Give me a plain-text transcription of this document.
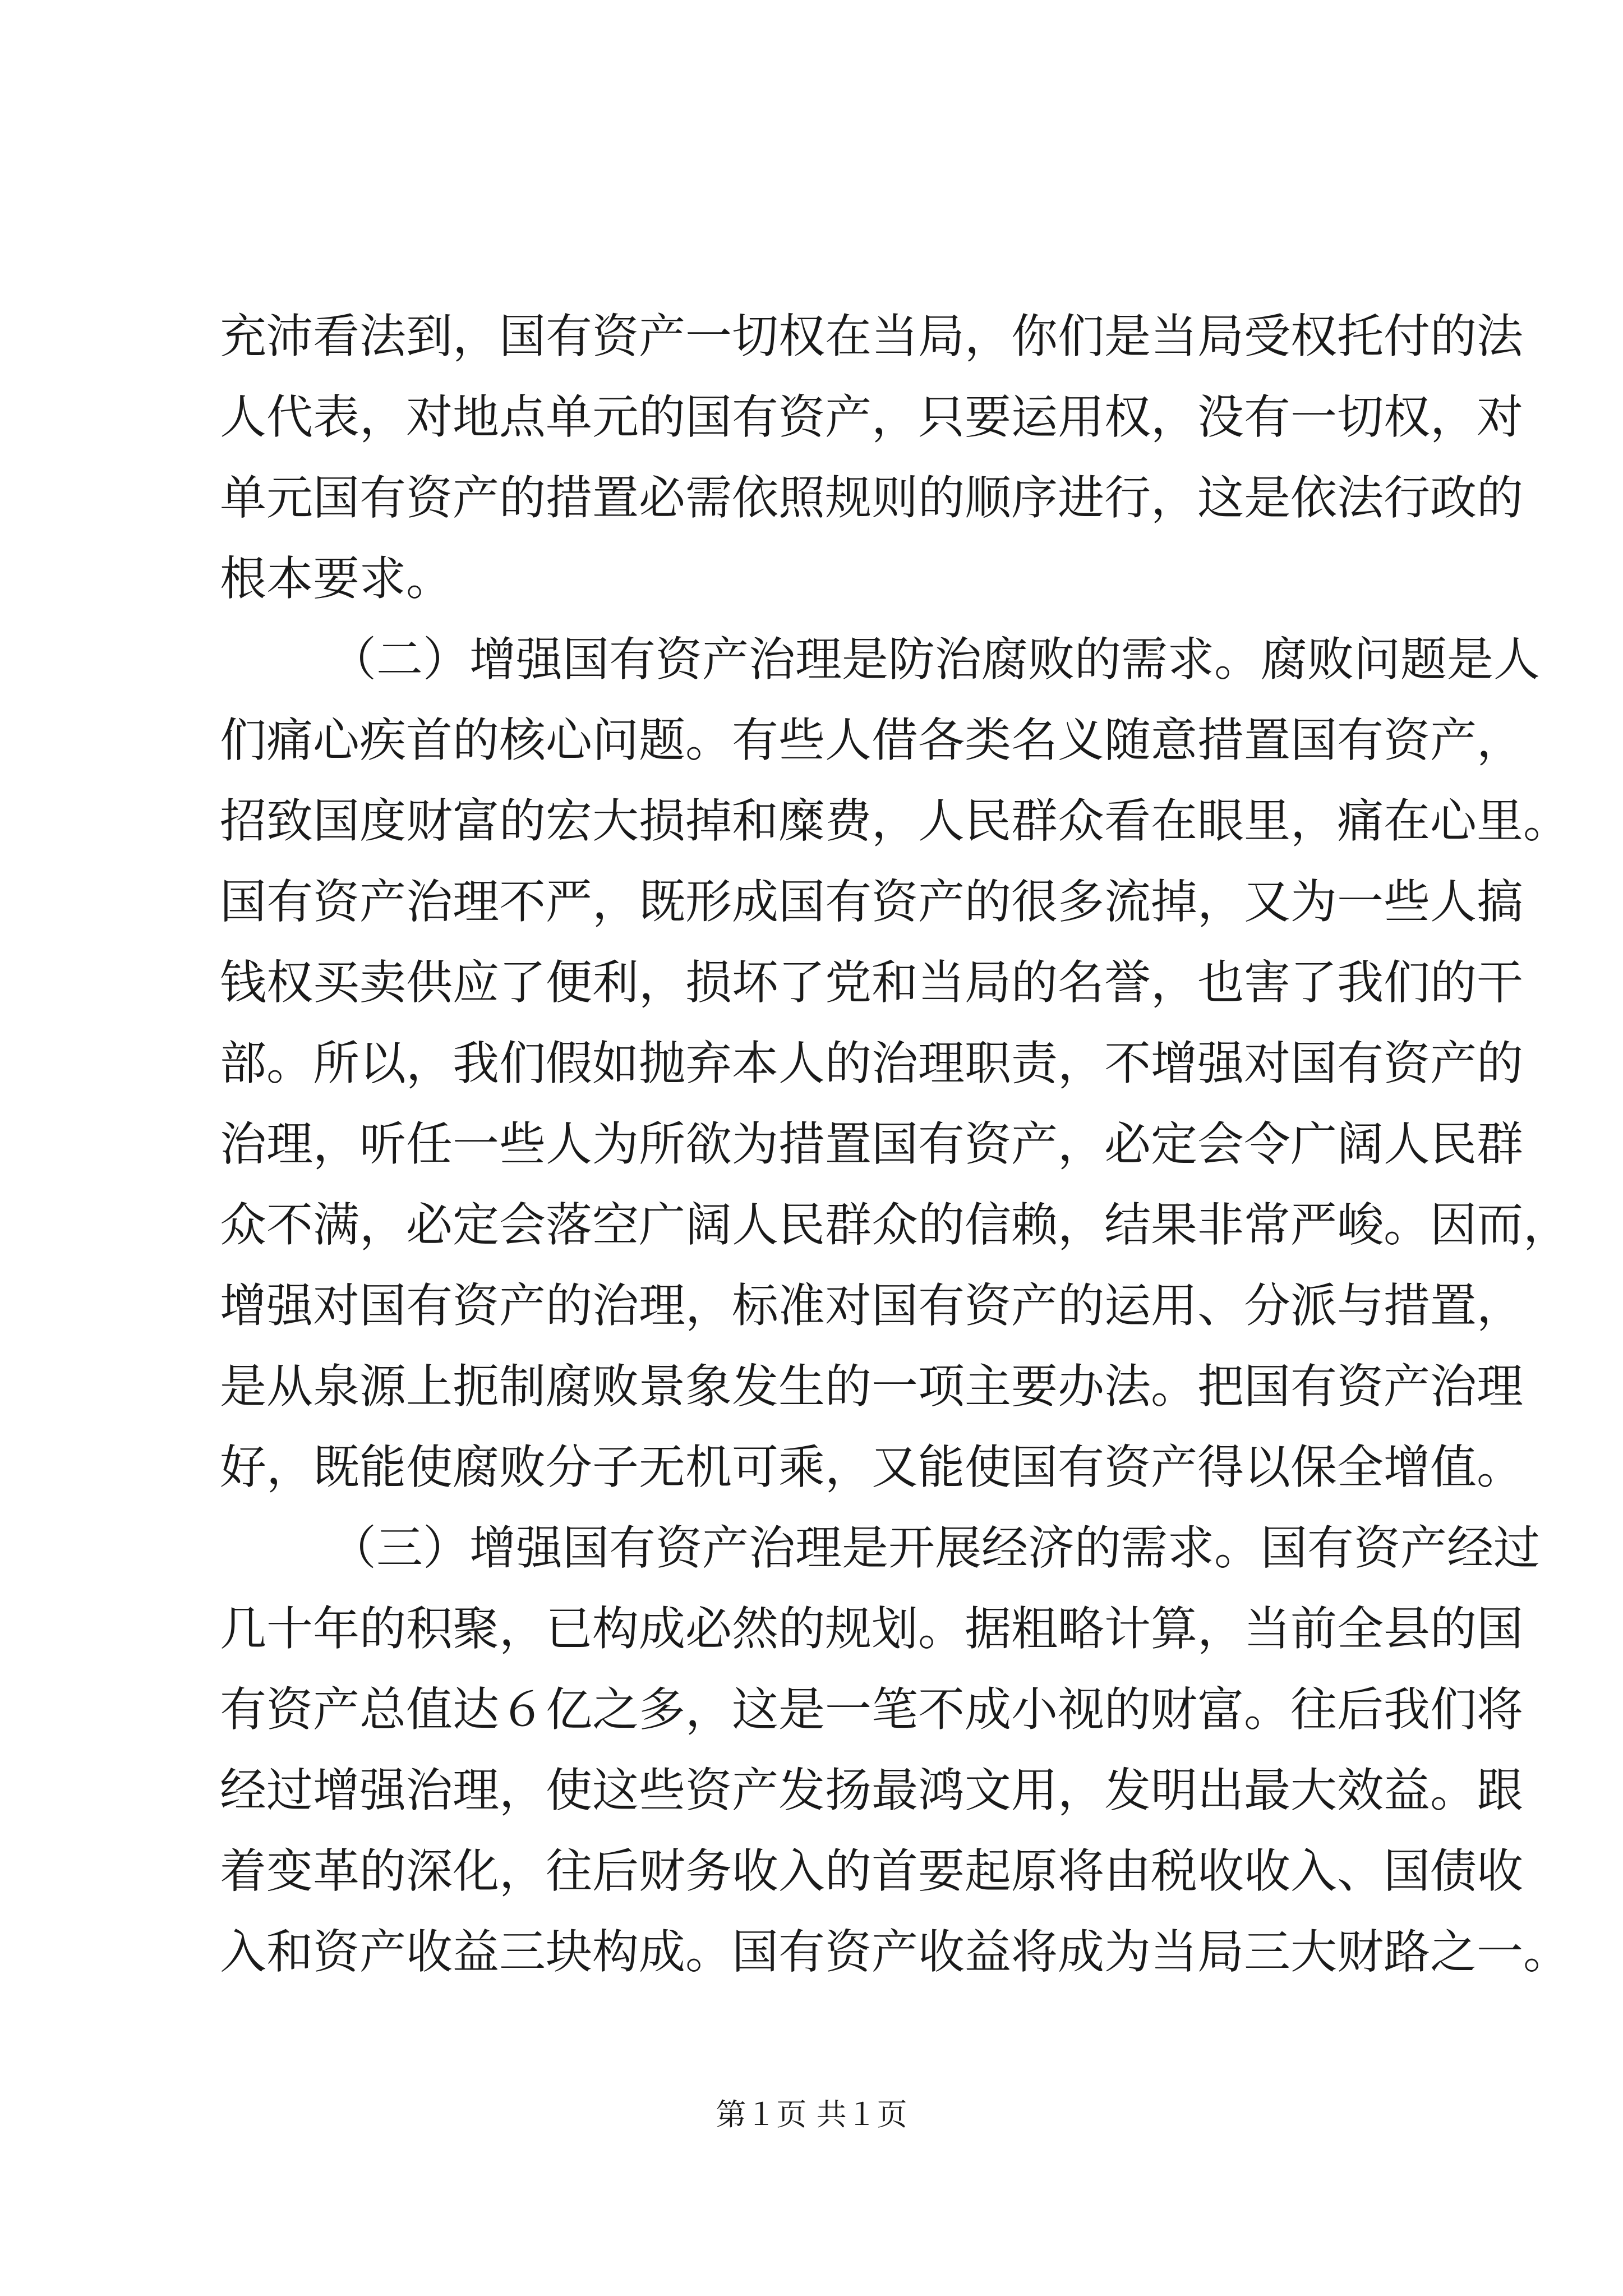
充沛看法到，国有资产一切权在当局，你们是当局受权托付的法
人代表，对地点单元的国有资产，只要运用权，没有一切权，对
单元国有资产的措置必需依照规则的顺序进行，这是依法行政的
根本要求。
（二）增强国有资产治理是防治腐败的需求。腐败问题是人
们痛心疾首的核心问题。有些人借各类名义随意措置国有资产，
招致国度财富的宏大损掉和糜费，人民群众看在眼里，痛在心里。
国有资产治理不严，既形成国有资产的很多流掉，又为一些人搞
钱权买卖供应了便利，损坏了党和当局的名誉，也害了我们的干
部。所以，我们假如抛弃本人的治理职责，不增强对国有资产的
治理，听任一些人为所欲为措置国有资产，必定会令广阔人民群
众不满，必定会落空广阔人民群众的信赖，结果非常严峻。因而，
增强对国有资产的治理，标准对国有资产的运用、分派与措置，
是从泉源上扼制腐败景象发生的一项主要办法。把国有资产治理
好，既能使腐败分子无机可乘，又能使国有资产得以保全增值。
（三）增强国有资产治理是开展经济的需求。国有资产经过
几十年的积聚，已构成必然的规划。据粗略计算，当前全县的国
有资产总值达６亿之多，这是一笔不成小视的财富。往后我们将
经过增强治理，使这些资产发扬最鸿文用，发明出最大效益。跟
着变革的深化，往后财务收入的首要起原将由税收收入、国债收
入和资产收益三块构成。国有资产收益将成为当局三大财路之一。
第１页 共１页
